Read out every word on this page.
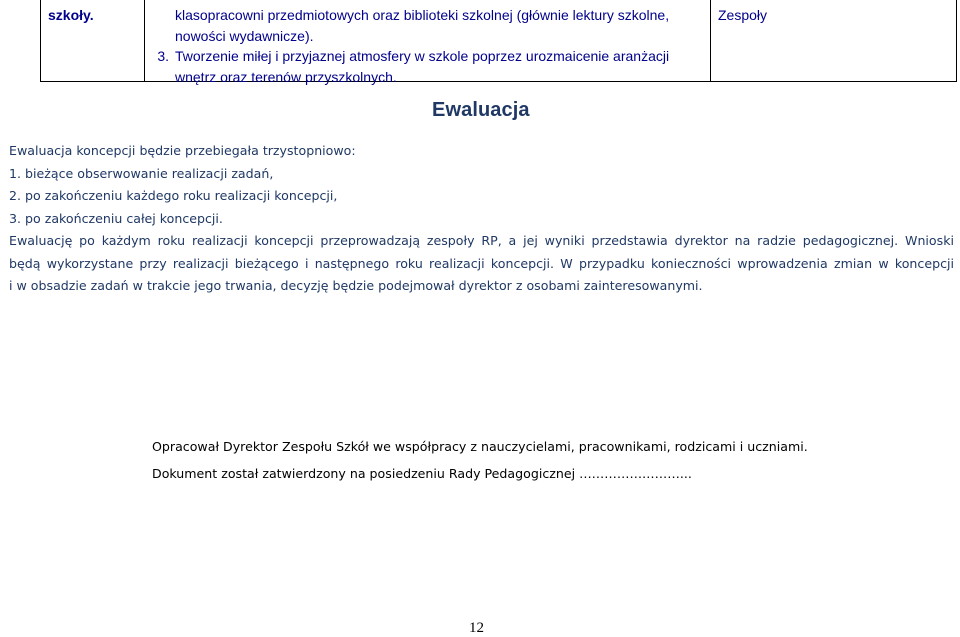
szkoły.	klasopracowni przedmiotowych oraz biblioteki szkolnej (głównie lektury szkolne,
nowości wydawnicze).
3. Tworzenie miłej i przyjaznej atmosfery w szkole poprzez urozmaicenie aranżacji
wnętrz oraz terenów przyszkolnych.
Zespoły
Ewaluacja
Ewaluacja koncepcji będzie przebiegała trzystopniowo:
1. bieżące obserwowanie realizacji zadań,
2. po zakończeniu każdego roku realizacji koncepcji,
3. po zakończeniu całej koncepcji.
Ewaluację po każdym roku realizacji koncepcji przeprowadzają zespoły RP, a jej wyniki przedstawia dyrektor na radzie pedagogicznej. Wnioski
będą wykorzystane przy realizacji bieżącego i następnego roku realizacji koncepcji. W przypadku konieczności wprowadzenia zmian w koncepcji
i w obsadzie zadań w trakcie jego trwania, decyzję będzie podejmował dyrektor z osobami zainteresowanymi.
Opracował Dyrektor Zespołu Szkół we współpracy z nauczycielami, pracownikami, rodzicami i uczniami.
Dokument został zatwierdzony na posiedzeniu Rady Pedagogicznej ……………………...
12
